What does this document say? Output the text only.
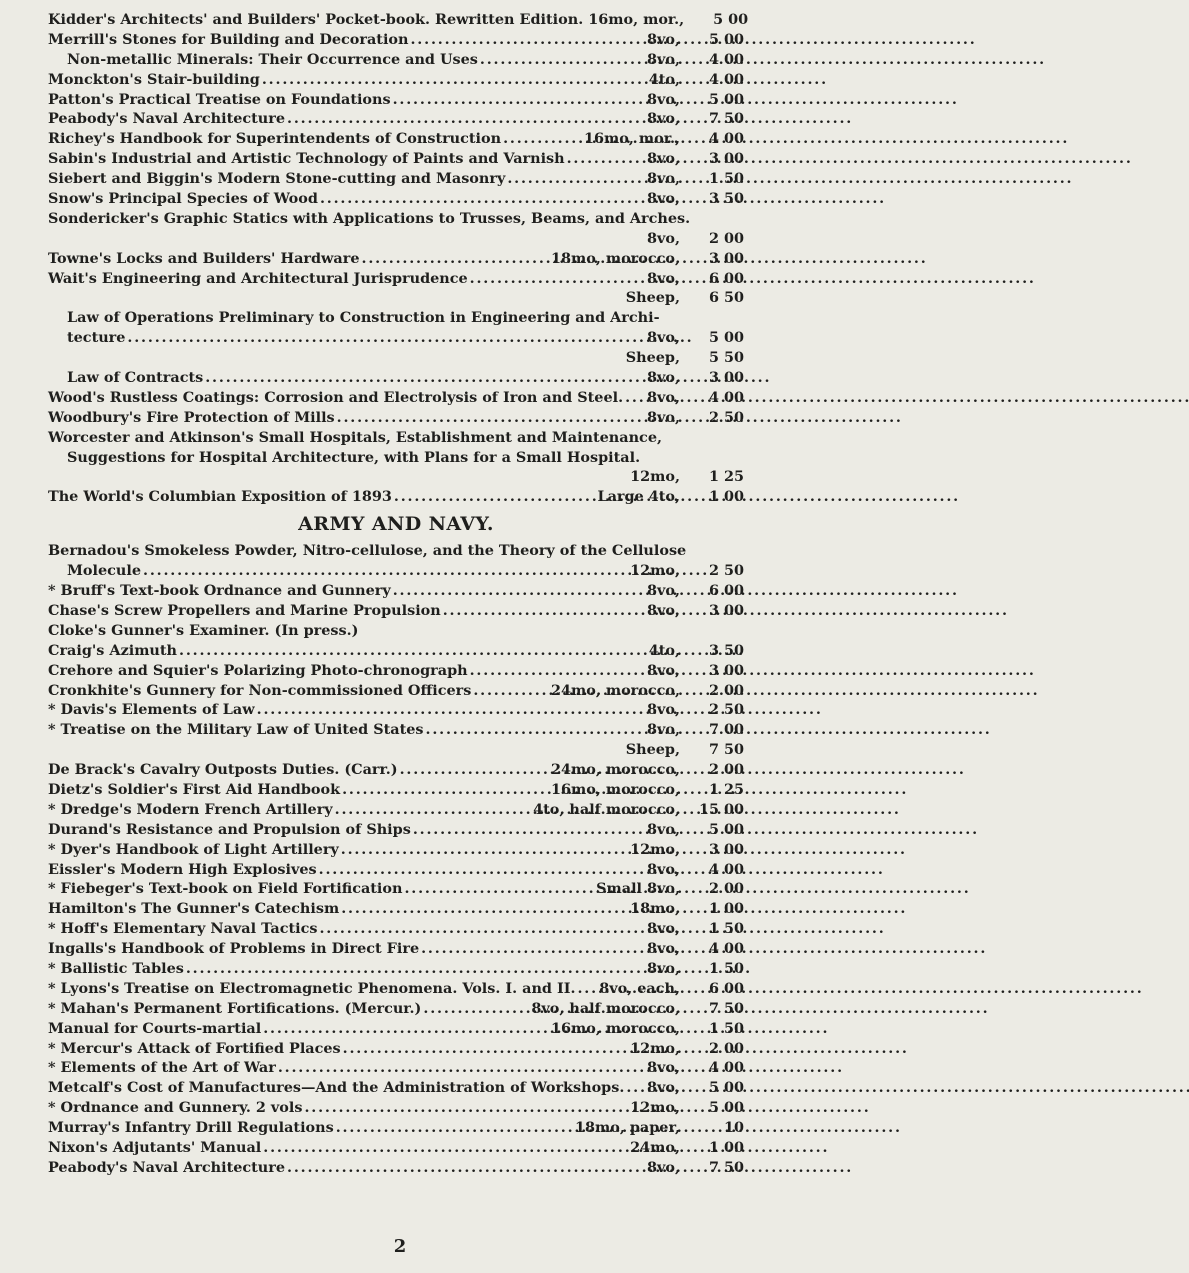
Kidder's Architects' and Builders' Pocket-book. Rewritten Edition. 16mo, mor.,	5 00
Merrill's Stones for Building and Decoration . . .	8vo,	5 00
Non-metallic Minerals: Their Occurrence and Uses . . .	8vo,	4 00
Monckton's Stair-building . . .	4to,	4 00
Patton's Practical Treatise on Foundations . . .	8vo,	5 00
Peabody's Naval Architecture . . .	8vo,	7 50
Richey's Handbook for Superintendents of Construction . . .	16mo, mor.,	4 00
Sabin's Industrial and Artistic Technology of Paints and Varnish . . .	8vo,	3 00
Siebert and Biggin's Modern Stone-cutting and Masonry . . .	8vo,	1 50
Snow's Principal Species of Wood . . .	8vo,	3 50
Sondericker's Graphic Statics with Applications to Trusses, Beams, and Arches.
8vo,	2 00
Towne's Locks and Builders' Hardware . . .	18mo, morocco,	3 00
Wait's Engineering and Architectural Jurisprudence . . .	8vo,	6 00
Sheep,	6 50
Law of Operations Preliminary to Construction in Engineering and Archi-
tecture . . .	8vo,	5 00
Sheep,	5 50
Law of Contracts . . .	8vo,	3 00
Wood's Rustless Coatings: Corrosion and Electrolysis of Iron and Steel. . . . 8vo,	4 00
Woodbury's Fire Protection of Mills . . .	8vo,	2 50
Worcester and Atkinson's Small Hospitals, Establishment and Maintenance,
Suggestions for Hospital Architecture, with Plans for a Small Hospital.
12mo,	1 25
The World's Columbian Exposition of 1893 . . .	Large 4to,	1 00
ARMY AND NAVY.
Bernadou's Smokeless Powder, Nitro-cellulose, and the Theory of the Cellulose
Molecule . . .	12mo,	2 50
* Bruff's Text-book Ordnance and Gunnery . . .	8vo,	6 00
Chase's Screw Propellers and Marine Propulsion . . .	8vo,	3 00
Cloke's Gunner's Examiner. (In press.)
Craig's Azimuth . . .	4to,	3 50
Crehore and Squier's Polarizing Photo-chronograph . . .	8vo,	3 00
Cronkhite's Gunnery for Non-commissioned Officers . . .	24mo, morocco,	2 00
* Davis's Elements of Law . . .	8vo,	2 50
* Treatise on the Military Law of United States . . .	8vo,	7 00
Sheep,	7 50
De Brack's Cavalry Outposts Duties. (Carr.) . . .	24mo, morocco,	2 00
Dietz's Soldier's First Aid Handbook . . .	16mo, morocco,	1 25
* Dredge's Modern French Artillery . . .	4to, half morocco,	15 00
Durand's Resistance and Propulsion of Ships . . .	8vo,	5 00
* Dyer's Handbook of Light Artillery . . .	12mo,	3 00
Eissler's Modern High Explosives . . .	8vo,	4 00
* Fiebeger's Text-book on Field Fortification . . .	Small 8vo,	2 00
Hamilton's The Gunner's Catechism . . .	18mo,	1 00
* Hoff's Elementary Naval Tactics . . .	8vo,	1 50
Ingalls's Handbook of Problems in Direct Fire . . .	8vo,	4 00
* Ballistic Tables . . .	8vo,	1 50
* Lyons's Treatise on Electromagnetic Phenomena. Vols. I. and II. . . . 8vo, each,	6 00
* Mahan's Permanent Fortifications. (Mercur.) . . .	8vo, half morocco,	7 50
Manual for Courts-martial . . .	16mo, morocco,	1 50
* Mercur's Attack of Fortified Places . . .	12mo,	2 00
* Elements of the Art of War . . .	8vo,	4 00
Metcalf's Cost of Manufactures—And the Administration of Workshops. . . . 8vo,	5 00
* Ordnance and Gunnery. 2 vols . . .	12mo,	5 00
Murray's Infantry Drill Regulations . . .	18mo, paper,	10
Nixon's Adjutants' Manual . . .	24mo,	1 00
Peabody's Naval Architecture . . .	8vo,	7 50
2
